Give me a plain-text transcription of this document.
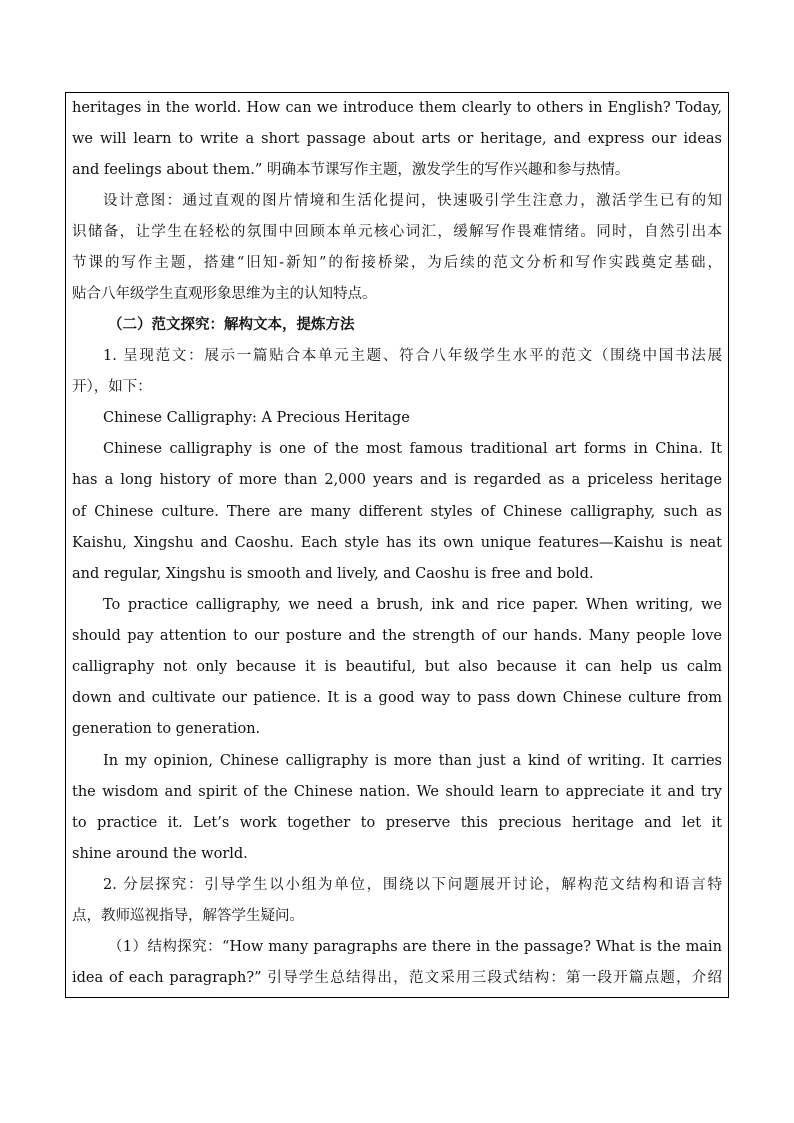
heritages in the world. How can we introduce them clearly to others in English? Today,
we will learn to write a short passage about arts or heritage, and express our ideas
and feelings about them.” 明确本节课写作主题，激发学生的写作兴趣和参与热情。
设计意图：通过直观的图片情境和生活化提问，快速吸引学生注意力，激活学生已有的知
识储备，让学生在轻松的氛围中回顾本单元核心词汇，缓解写作畏难情绪。同时，自然引出本
节课的写作主题，搭建“旧知-新知”的衔接桥梁，为后续的范文分析和写作实践奠定基础，
贴合八年级学生直观形象思维为主的认知特点。
（二）范文探究：解构文本，提炼方法
1. 呈现范文：展示一篇贴合本单元主题、符合八年级学生水平的范文（围绕中国书法展
开），如下：
Chinese Calligraphy: A Precious Heritage
Chinese calligraphy is one of the most famous traditional art forms in China. It
has a long history of more than 2,000 years and is regarded as a priceless heritage
of Chinese culture. There are many different styles of Chinese calligraphy, such as
Kaishu, Xingshu and Caoshu. Each style has its own unique features—Kaishu is neat
and regular, Xingshu is smooth and lively, and Caoshu is free and bold.
To practice calligraphy, we need a brush, ink and rice paper. When writing, we
should pay attention to our posture and the strength of our hands. Many people love
calligraphy not only because it is beautiful, but also because it can help us calm
down and cultivate our patience. It is a good way to pass down Chinese culture from
generation to generation.
In my opinion, Chinese calligraphy is more than just a kind of writing. It carries
the wisdom and spirit of the Chinese nation. We should learn to appreciate it and try
to practice it. Let’s work together to preserve this precious heritage and let it
shine around the world.
2. 分层探究：引导学生以小组为单位，围绕以下问题展开讨论，解构范文结构和语言特
点，教师巡视指导，解答学生疑问。
（1）结构探究：“How many paragraphs are there in the passage? What is the main
idea of each paragraph?” 引导学生总结得出，范文采用三段式结构：第一段开篇点题，介绍
